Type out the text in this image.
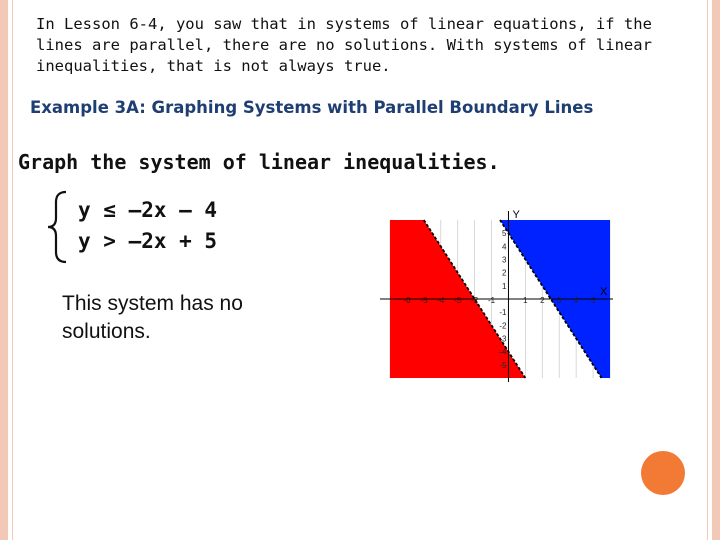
In Lesson 6-4, you saw that in systems of linear equations, if the lines are parallel, there are no solutions. With systems of linear inequalities, that is not always true.
Example 3A: Graphing Systems with Parallel Boundary Lines
Graph the system of linear inequalities.
y ≤ –2x – 4
y > –2x + 5
This system has no solutions.
-6 -5 -4 -3 -2 -1	1 2 3 4 5
5
4
3
2
1
-1
-2
-3
-4
-5
Y
X
